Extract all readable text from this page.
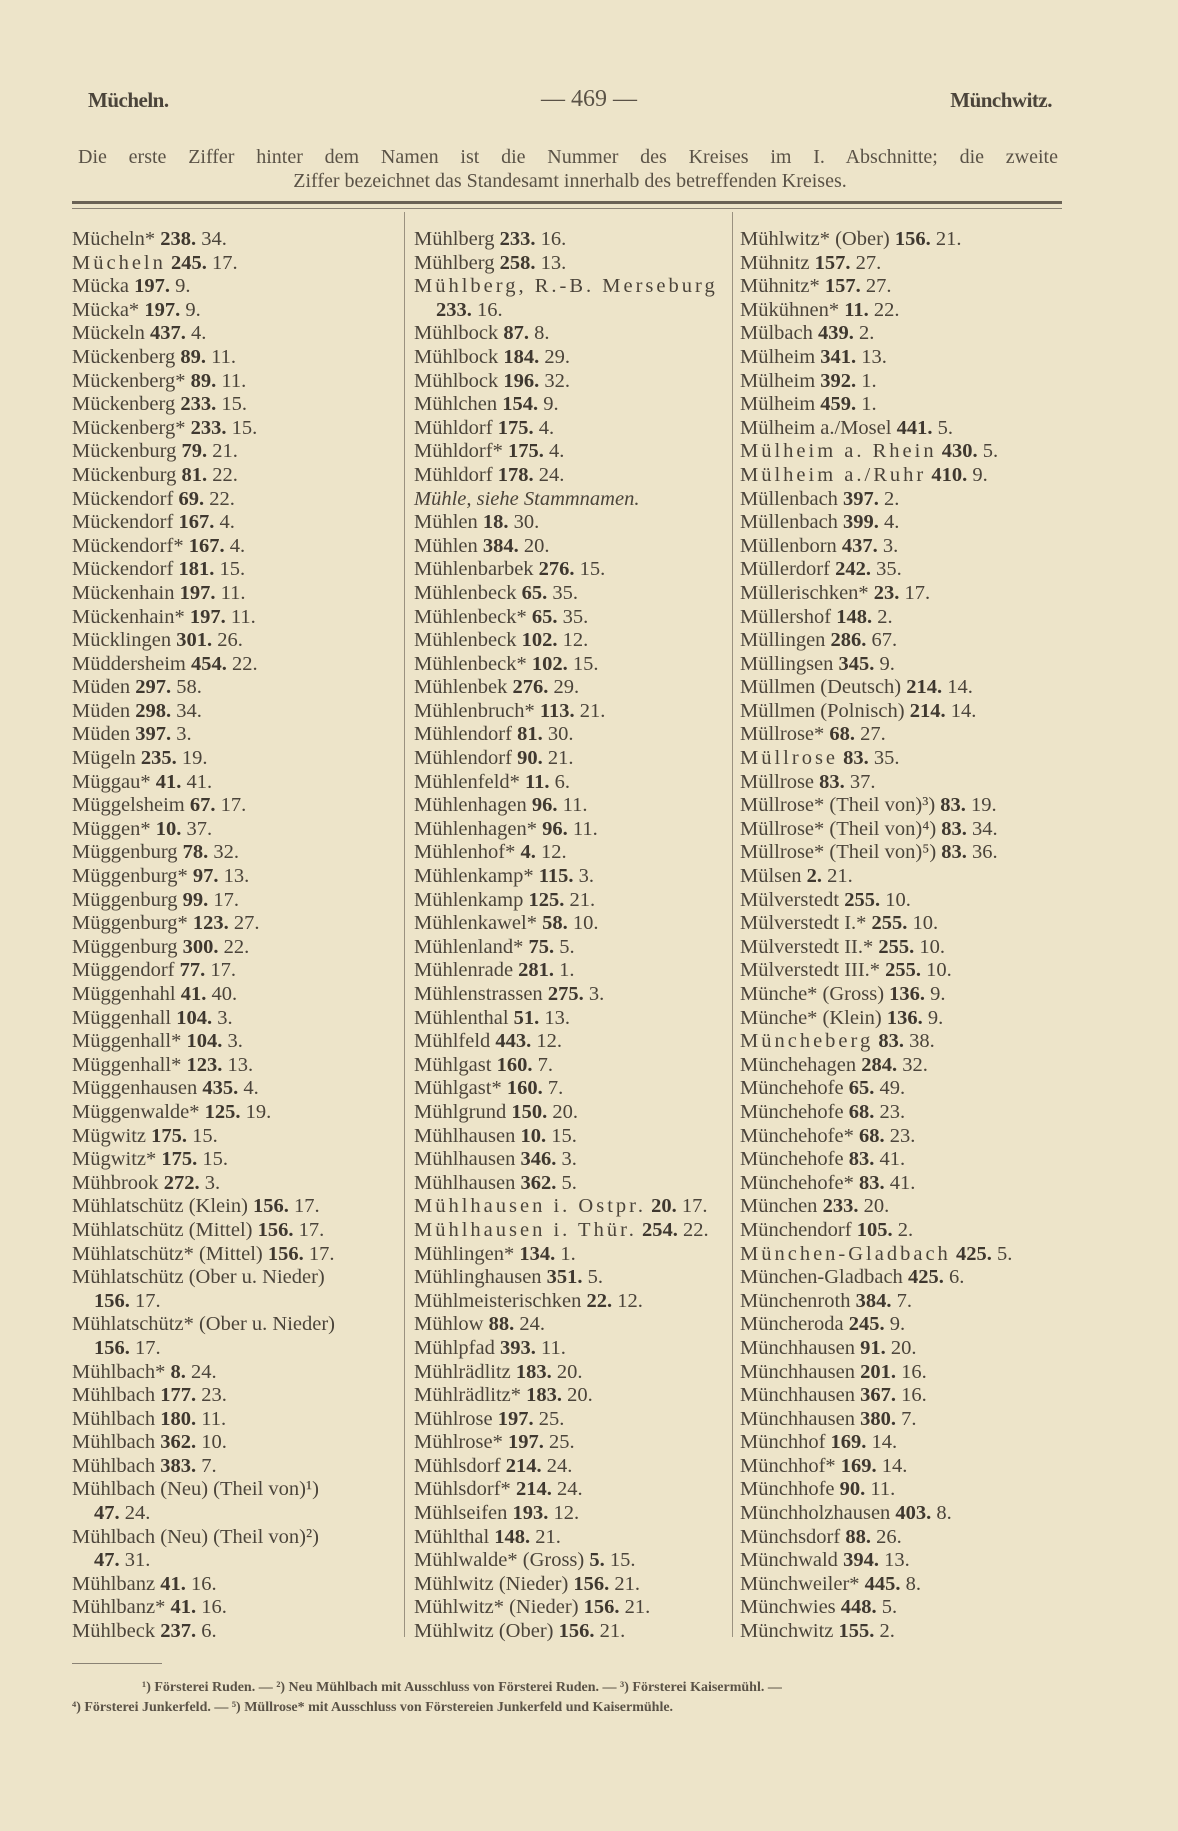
Mücheln.	— 469 —	Münchwitz.
Die erste Ziffer hinter dem Namen ist die Nummer des Kreises im I. Abschnitte; die zweite
Ziffer bezeichnet das Standesamt innerhalb des betreffenden Kreises.
Mücheln* 238. 34.
Mücheln 245. 17.
Mücka 197. 9.
Mücka* 197. 9.
Mückeln 437. 4.
Mückenberg 89. 11.
Mückenberg* 89. 11.
Mückenberg 233. 15.
Mückenberg* 233. 15.
Mückenburg 79. 21.
Mückenburg 81. 22.
Mückendorf 69. 22.
Mückendorf 167. 4.
Mückendorf* 167. 4.
Mückendorf 181. 15.
Mückenhain 197. 11.
Mückenhain* 197. 11.
Mücklingen 301. 26.
Müddersheim 454. 22.
Müden 297. 58.
Müden 298. 34.
Müden 397. 3.
Mügeln 235. 19.
Müggau* 41. 41.
Müggelsheim 67. 17.
Müggen* 10. 37.
Müggenburg 78. 32.
Müggenburg* 97. 13.
Müggenburg 99. 17.
Müggenburg* 123. 27.
Müggenburg 300. 22.
Müggendorf 77. 17.
Müggenhahl 41. 40.
Müggenhall 104. 3.
Müggenhall* 104. 3.
Müggenhall* 123. 13.
Müggenhausen 435. 4.
Müggenwalde* 125. 19.
Mügwitz 175. 15.
Mügwitz* 175. 15.
Mühbrook 272. 3.
Mühlatschütz (Klein) 156. 17.
Mühlatschütz (Mittel) 156. 17.
Mühlatschütz* (Mittel) 156. 17.
Mühlatschütz (Ober u. Nieder)
156. 17.
Mühlatschütz* (Ober u. Nieder)
156. 17.
Mühlbach* 8. 24.
Mühlbach 177. 23.
Mühlbach 180. 11.
Mühlbach 362. 10.
Mühlbach 383. 7.
Mühlbach (Neu) (Theil von)¹)
47. 24.
Mühlbach (Neu) (Theil von)²)
47. 31.
Mühlbanz 41. 16.
Mühlbanz* 41. 16.
Mühlbeck 237. 6.
Mühlberg 233. 16.
Mühlberg 258. 13.
Mühlberg, R.-B. Merseburg
233. 16.
Mühlbock 87. 8.
Mühlbock 184. 29.
Mühlbock 196. 32.
Mühlchen 154. 9.
Mühldorf 175. 4.
Mühldorf* 175. 4.
Mühldorf 178. 24.
Mühle, siehe Stammnamen.
Mühlen 18. 30.
Mühlen 384. 20.
Mühlenbarbek 276. 15.
Mühlenbeck 65. 35.
Mühlenbeck* 65. 35.
Mühlenbeck 102. 12.
Mühlenbeck* 102. 15.
Mühlenbek 276. 29.
Mühlenbruch* 113. 21.
Mühlendorf 81. 30.
Mühlendorf 90. 21.
Mühlenfeld* 11. 6.
Mühlenhagen 96. 11.
Mühlenhagen* 96. 11.
Mühlenhof* 4. 12.
Mühlenkamp* 115. 3.
Mühlenkamp 125. 21.
Mühlenkawel* 58. 10.
Mühlenland* 75. 5.
Mühlenrade 281. 1.
Mühlenstrassen 275. 3.
Mühlenthal 51. 13.
Mühlfeld 443. 12.
Mühlgast 160. 7.
Mühlgast* 160. 7.
Mühlgrund 150. 20.
Mühlhausen 10. 15.
Mühlhausen 346. 3.
Mühlhausen 362. 5.
Mühlhausen i. Ostpr. 20. 17.
Mühlhausen i. Thür. 254. 22.
Mühlingen* 134. 1.
Mühlinghausen 351. 5.
Mühlmeisterischken 22. 12.
Mühlow 88. 24.
Mühlpfad 393. 11.
Mühlrädlitz 183. 20.
Mühlrädlitz* 183. 20.
Mühlrose 197. 25.
Mühlrose* 197. 25.
Mühlsdorf 214. 24.
Mühlsdorf* 214. 24.
Mühlseifen 193. 12.
Mühlthal 148. 21.
Mühlwalde* (Gross) 5. 15.
Mühlwitz (Nieder) 156. 21.
Mühlwitz* (Nieder) 156. 21.
Mühlwitz (Ober) 156. 21.
Mühlwitz* (Ober) 156. 21.
Mühnitz 157. 27.
Mühnitz* 157. 27.
Mükühnen* 11. 22.
Mülbach 439. 2.
Mülheim 341. 13.
Mülheim 392. 1.
Mülheim 459. 1.
Mülheim a./Mosel 441. 5.
Mülheim a. Rhein 430. 5.
Mülheim a./Ruhr 410. 9.
Müllenbach 397. 2.
Müllenbach 399. 4.
Müllenborn 437. 3.
Müllerdorf 242. 35.
Müllerischken* 23. 17.
Müllershof 148. 2.
Müllingen 286. 67.
Müllingsen 345. 9.
Müllmen (Deutsch) 214. 14.
Müllmen (Polnisch) 214. 14.
Müllrose* 68. 27.
Müllrose 83. 35.
Müllrose 83. 37.
Müllrose* (Theil von)³) 83. 19.
Müllrose* (Theil von)⁴) 83. 34.
Müllrose* (Theil von)⁵) 83. 36.
Mülsen 2. 21.
Mülverstedt 255. 10.
Mülverstedt I.* 255. 10.
Mülverstedt II.* 255. 10.
Mülverstedt III.* 255. 10.
Münche* (Gross) 136. 9.
Münche* (Klein) 136. 9.
Müncheberg 83. 38.
Münchehagen 284. 32.
Münchehofe 65. 49.
Münchehofe 68. 23.
Münchehofe* 68. 23.
Münchehofe 83. 41.
Münchehofe* 83. 41.
München 233. 20.
Münchendorf 105. 2.
München-Gladbach 425. 5.
München-Gladbach 425. 6.
Münchenroth 384. 7.
Müncheroda 245. 9.
Münchhausen 91. 20.
Münchhausen 201. 16.
Münchhausen 367. 16.
Münchhausen 380. 7.
Münchhof 169. 14.
Münchhof* 169. 14.
Münchhofe 90. 11.
Münchholzhausen 403. 8.
Münchsdorf 88. 26.
Münchwald 394. 13.
Münchweiler* 445. 8.
Münchwies 448. 5.
Münchwitz 155. 2.
¹) Försterei Ruden. — ²) Neu Mühlbach mit Ausschluss von Försterei Ruden. — ³) Försterei Kaisermühl. —
⁴) Försterei Junkerfeld. — ⁵) Müllrose* mit Ausschluss von Förstereien Junkerfeld und Kaisermühle.
